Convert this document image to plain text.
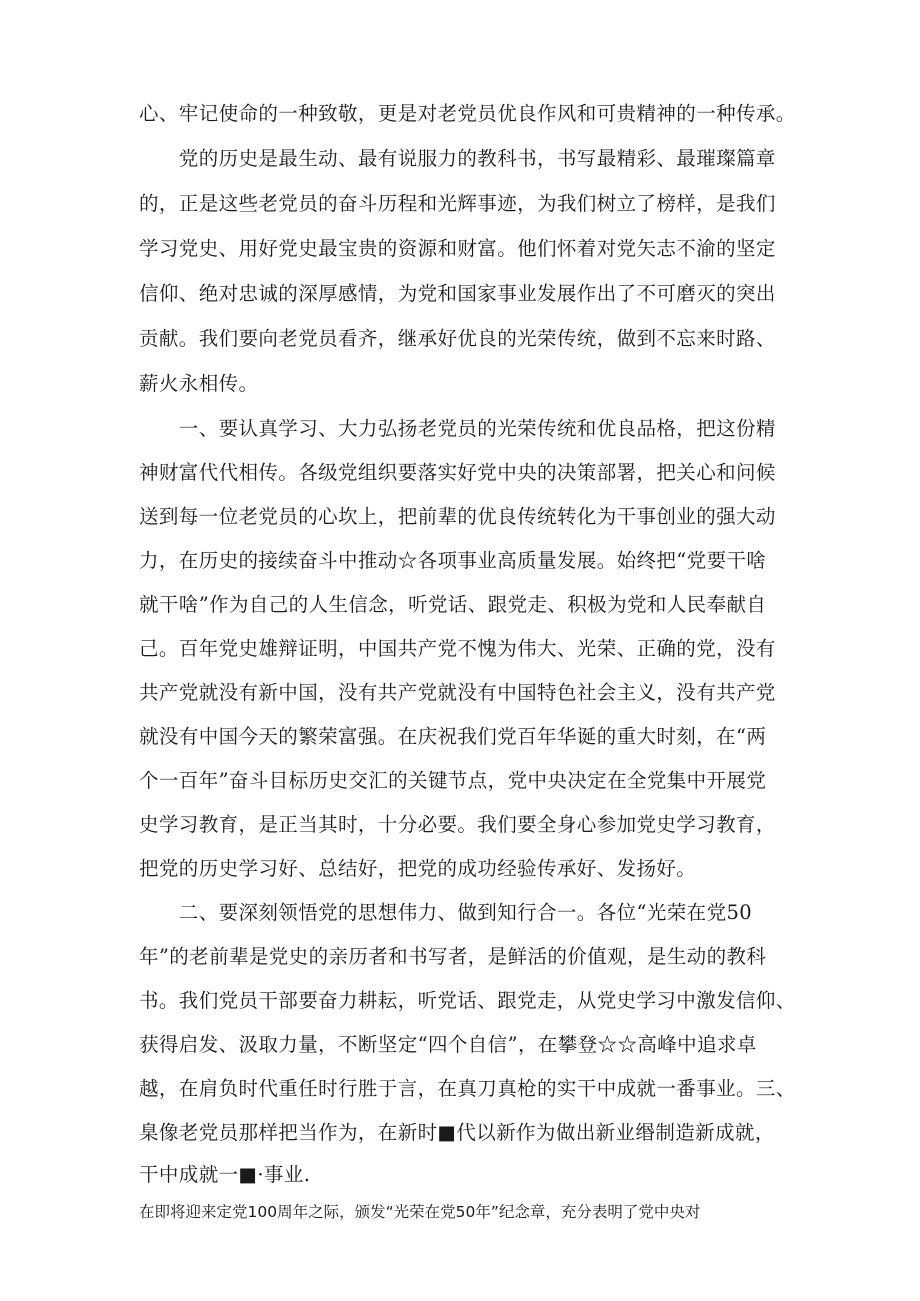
心、牢记使命的一种致敬，更是对老党员优良作风和可贵精神的一种传承。
　　党的历史是最生动、最有说服力的教科书，书写最精彩、最璀璨篇章
的，正是这些老党员的奋斗历程和光辉事迹，为我们树立了榜样，是我们
学习党史、用好党史最宝贵的资源和财富。他们怀着对党矢志不渝的坚定
信仰、绝对忠诚的深厚感情，为党和国家事业发展作出了不可磨灭的突出
贡献。我们要向老党员看齐，继承好优良的光荣传统，做到不忘来时路、
薪火永相传。
　　一、要认真学习、大力弘扬老党员的光荣传统和优良品格，把这份精
神财富代代相传。各级党组织要落实好党中央的决策部署，把关心和问候
送到每一位老党员的心坎上，把前辈的优良传统转化为干事创业的强大动
力，在历史的接续奋斗中推动☆各项事业高质量发展。始终把“党要干啥
就干啥”作为自己的人生信念，听党话、跟党走、积极为党和人民奉献自
己。百年党史雄辩证明，中国共产党不愧为伟大、光荣、正确的党，没有
共产党就没有新中国，没有共产党就没有中国特色社会主义，没有共产党
就没有中国今天的繁荣富强。在庆祝我们党百年华诞的重大时刻，在“两
个一百年”奋斗目标历史交汇的关键节点，党中央决定在全党集中开展党
史学习教育，是正当其时，十分必要。我们要全身心参加党史学习教育，
把党的历史学习好、总结好，把党的成功经验传承好、发扬好。
　　二、要深刻领悟党的思想伟力、做到知行合一。各位“光荣在党50
年”的老前辈是党史的亲历者和书写者，是鲜活的价值观，是生动的教科
书。我们党员干部要奋力耕耘，听党话、跟党走，从党史学习中激发信仰、
获得启发、汲取力量，不断坚定“四个自信”，在攀登☆☆高峰中追求卓
越，在肩负时代重任时行胜于言，在真刀真枪的实干中成就一番事业。三、
臬像老党员那样把当作为，在新时■代以新作为做出新业缗制造新成就，
干中成就一■·事业.
在即将迎来定党100周年之际，颁发“光荣在党50年”纪念章，充分表明了党中央对
